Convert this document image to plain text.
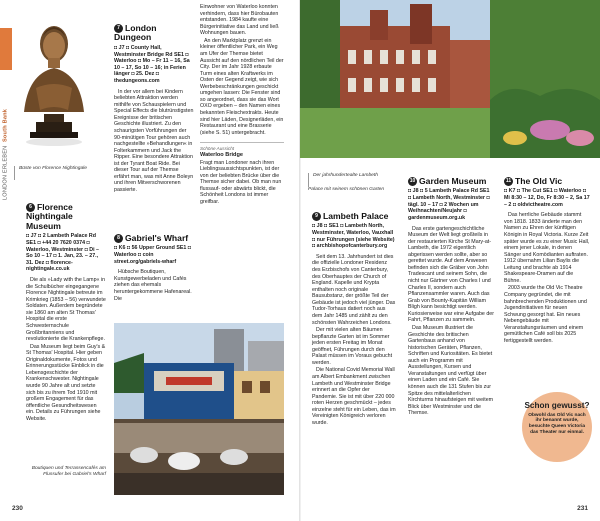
LONDON ERLEBEN
South Bank
Büste von Florence Nightingale
6 Florence Nightingale Museum
◘ J7 ◘ 2 Lambeth Palace Rd SE1 ◘ +44 20 7620 0374 ◘ Waterloo, Westminster ◘ Di – So 10 – 17 ◘ 1. Jan, 23. – 27., 31. Dez ◘ florence-nightingale.co.uk

Die als »Lady with the Lamp« in die Schulbücher eingegangene Florence Nightingale betreute im Krimkrieg (1853 – 56) verwundete Soldaten. Außerdem begründete sie 1860 am alten St Thomas' Hospital die erste Schwesternschule Großbritanniens und revolutionierte die Krankenpflege.

Das Museum liegt beim Guy's & St Thomas' Hospital. Hier geben Originaldokumente, Fotos und Erinnerungsstücke Einblick in die Lebensgeschichte der Krankenschwester. Nightingale wurde 90 Jahre alt und setzte sich bis zu ihrem Tod 1910 mit großem Engagement für das öffentliche Gesundheitswesen ein. Details zu Führungen siehe Website.

7 London Dungeon
◘ J7 ◘ County Hall, Westminster Bridge Rd SE1 ◘ Waterloo ◘ Mo – Fr 11 – 16, Sa 10 – 17, So 10 – 16; in Ferien länger ◘ 25. Dez ◘ thedungeons.com

In der vor allem bei Kindern beliebten Attraktion werden mithilfe von Schauspielern und Special Effects die blutrünstigsten Ereignisse der britischen Geschichte illustriert. Zu den schaurigsten Vorführungen der 90-minütigen Tour gehören auch nachgestellte »Behandlungen« in Folterkammern und Jack the Ripper. Eine besondere Attraktion ist der Tyrant Boat Ride. Bei dieser Tour auf der Themse erfährt man, was mit Anne Boleyn und ihren Mitverschworenen passierte.

8 Gabriel's Wharf
◘ K6 ◘ 56 Upper Ground SE1 ◘ Waterloo ◘ coin street.org/gabriels-wharf

Hübsche Boutiquen, Kunstgewerbeladen und Cafés ziehen das ehemals heruntergekommene Hafenareal. Die

Einwohner von Waterloo konnten verhindern, dass hier Bürobauten entstanden. 1984 kaufte eine Bürgerinitiative das Land und ließ Wohnungen bauen.

An den Marktplatz grenzt ein kleiner öffentlicher Park, ein Weg am Ufer der Themse bietet Aussicht auf den nördlichen Teil der City. Der im Jahr 1928 erbaute Turm eines alten Kraftwerks im Osten der Gegend zeigt, wie sich Werbebeschränkungen geschickt umgehen lassen: Die Fenster sind so angeordnet, dass sie das Wort OXO ergeben – den Namen eines bekannten Fleischextrakts. Heute sind hier Läden, Designerläden, ein Restaurant und eine Brasserie (siehe S. 51) untergebracht.

Schöne Aussicht
Waterloo Bridge

Fragt man Londoner nach ihren Lieblingsaussichtspunkten, ist der von der beliebten Brücke über die Themse sicher dabei. Ob man nun flussauf- oder abwärts blickt, die Schönheit Londons ist immer greifbar.

Boutiquen und Terrassencafés am Flussufer bei Gabriel's Wharf
230
Der jahrhundertealte Lambeth Palace mit seinem schönen Garten
9 Lambeth Palace
◘ J8 ◘ SE1 ◘ Lambeth North, Westminster, Waterloo, Vauxhall ◘ nur Führungen (siehe Website) ◘ archbishopofcanterbury.org

Seit dem 13. Jahrhundert ist dies die offizielle Londoner Residenz des Erzbischofs von Canterbury, des Oberhauptes der Church of England. Kapelle und Krypta enthalten noch originale Bausubstanz, der größte Teil der Gebäude ist jedoch viel jünger. Das Tudor-Torhaus datiert noch aus dem Jahr 1485 und zählt zu den schönsten Wahrzeichen Londons.

Der mit vielen alten Bäumen bepflanzte Garten ist im Sommer jeden ersten Freitag im Monat geöffnet, Führungen durch den Palast müssen im Voraus gebucht werden.

Die National Covid Memorial Wall am Albert Embankment zwischen Lambeth und Westminster Bridge erinnert an die Opfer der Pandemie. Sie ist mit über 220 000 roten Herzen geschmückt – jedes einzelne steht für ein Leben, das im Vereinigten Königreich verloren wurde.

10 Garden Museum
◘ J8 ◘ 5 Lambeth Palace Rd SE1 ◘ Lambeth North, Westminster ◘ tägl. 10 – 17 ◘ 2 Wochen um Weihnachten/Neujahr ◘ gardenmuseum.org.uk

Das erste gartengeschichtliche Museum der Welt liegt großteils in der restaurierten Kirche St Mary-at-Lambeth, die 1972 eigentlich abgerissen werden sollte, aber so gerettet wurde. Auf dem Anwesen befinden sich die Gräber von John Tradescant und seinem Sohn, die nicht nur Gärtner von Charles I und Charles II, sondern auch Pflanzensammler waren. Auch das Grab von Bounty-Kapitän William Bligh kann besichtigt werden. Kuriosierweise war eine Aufgabe der Fahrt, Pflanzen zu sammeln.

Das Museum illustriert die Geschichte des britischen Gartenbaus anhand von historischen Geräten, Pflanzen, Schriften und Kuriositäten. Es bietet auch ein Programm mit Ausstellungen, Kursen und Veranstaltungen und verfügt über einen Laden und ein Café. Sie können auch die 131 Stufen bis zur Spitze des mittelalterlichen Kirchturms hinaufsteigen mit weitem Blick über Westminster und die Themse.

11 The Old Vic
◘ K7 ◘ The Cut SE1 ◘ Waterloo ◘ Mi 8:30 – 12, Do, Fr 8:30 – 2, Sa 17 – 2 ◘ oldvictheatre.com

Das herrliche Gebäude stammt von 1818. 1833 änderte man den Namen zu Ehren der künftigen Königin in Royal Victoria. Kurze Zeit später wurde es zu einer Music Hall, einem jener Lokale, in denen Sänger und Komödianten auftraten. 1912 übernahm Lilian Baylis die Leitung und brachte ab 1914 Shakespeare-Dramen auf die Bühne.

2003 wurde the Old Vic Theatre Company gegründet, die mit bahnbrechenden Produktionen und Jugendinitiativen für neuen Schwung gesorgt hat. Ein neues Nebengebäude mit Veranstaltungsräumen und einem gemütlichen Café soll bis 2025 fertiggestellt werden.

231
Schon gewusst?
Obwohl das Old Vic nach ihr benannt wurde, besuchte Queen Victoria das Theater nur einmal.
